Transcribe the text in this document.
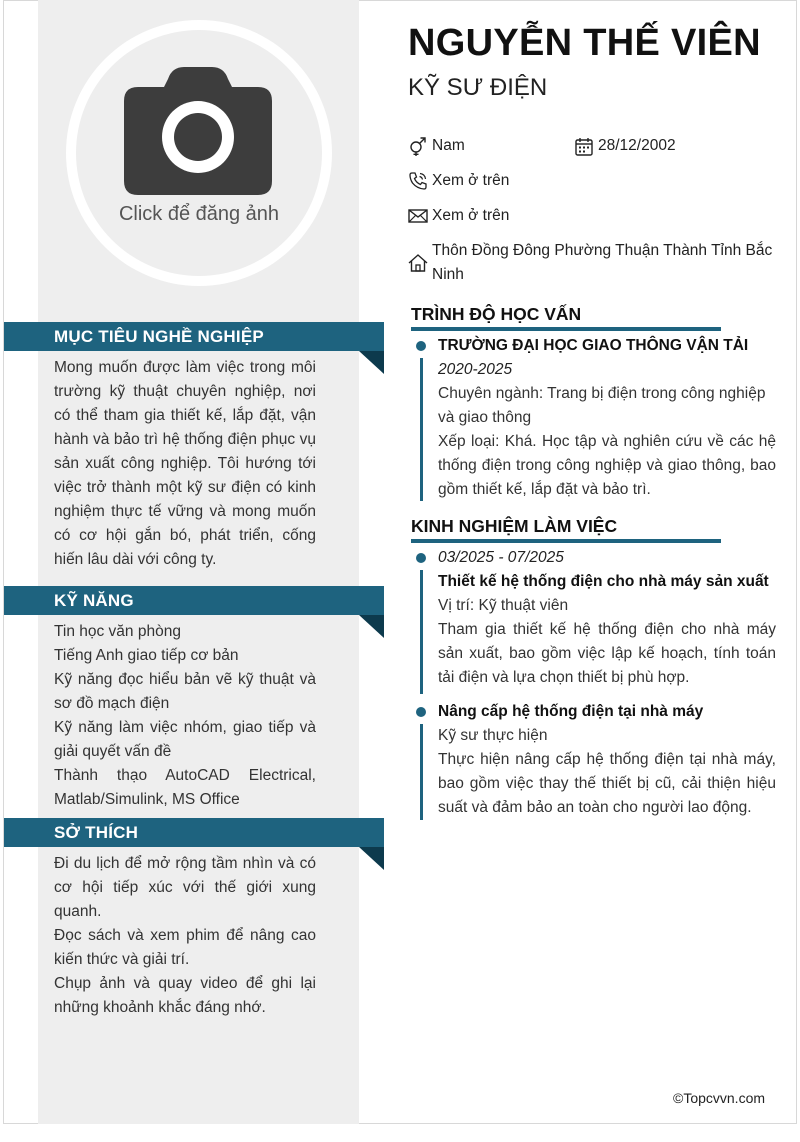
Click để đăng ảnh
NGUYỄN THẾ VIÊN
KỸ SƯ ĐIỆN
Nam	28/12/2002
Xem ở trên
Xem ở trên
Thôn Đồng Đông Phường Thuận Thành Tỉnh Bắc Ninh
MỤC TIÊU NGHỀ NGHIỆP

Mong muốn được làm việc trong môi trường kỹ thuật chuyên nghiệp, nơi có thể tham gia thiết kế, lắp đặt, vận hành và bảo trì hệ thống điện phục vụ sản xuất công nghiệp. Tôi hướng tới việc trở thành một kỹ sư điện có kinh nghiệm thực tế vững và mong muốn có cơ hội gắn bó, phát triển, cống hiến lâu dài với công ty.

KỸ NĂNG

Tin học văn phòng

Tiếng Anh giao tiếp cơ bản

Kỹ năng đọc hiểu bản vẽ kỹ thuật và sơ đồ mạch điện

Kỹ năng làm việc nhóm, giao tiếp và giải quyết vấn đề

Thành thạo AutoCAD Electrical, Matlab/Simulink, MS Office

SỞ THÍCH

Đi du lịch để mở rộng tầm nhìn và có cơ hội tiếp xúc với thế giới xung quanh.

Đọc sách và xem phim để nâng cao kiến thức và giải trí.

Chụp ảnh và quay video để ghi lại những khoảnh khắc đáng nhớ.

TRÌNH ĐỘ HỌC VẤN
TRƯỜNG ĐẠI HỌC GIAO THÔNG VẬN TẢI
2020-2025
Chuyên ngành: Trang bị điện trong công nghiệp và giao thông
Xếp loại: Khá. Học tập và nghiên cứu về các hệ thống điện trong công nghiệp và giao thông, bao gồm thiết kế, lắp đặt và bảo trì.
KINH NGHIỆM LÀM VIỆC
03/2025 - 07/2025
Thiết kế hệ thống điện cho nhà máy sản xuất
Vị trí: Kỹ thuật viên
Tham gia thiết kế hệ thống điện cho nhà máy sản xuất, bao gồm việc lập kế hoạch, tính toán tải điện và lựa chọn thiết bị phù hợp.
Nâng cấp hệ thống điện tại nhà máy
Kỹ sư thực hiện
Thực hiện nâng cấp hệ thống điện tại nhà máy, bao gồm việc thay thế thiết bị cũ, cải thiện hiệu suất và đảm bảo an toàn cho người lao động.
©Topcvvn.com
